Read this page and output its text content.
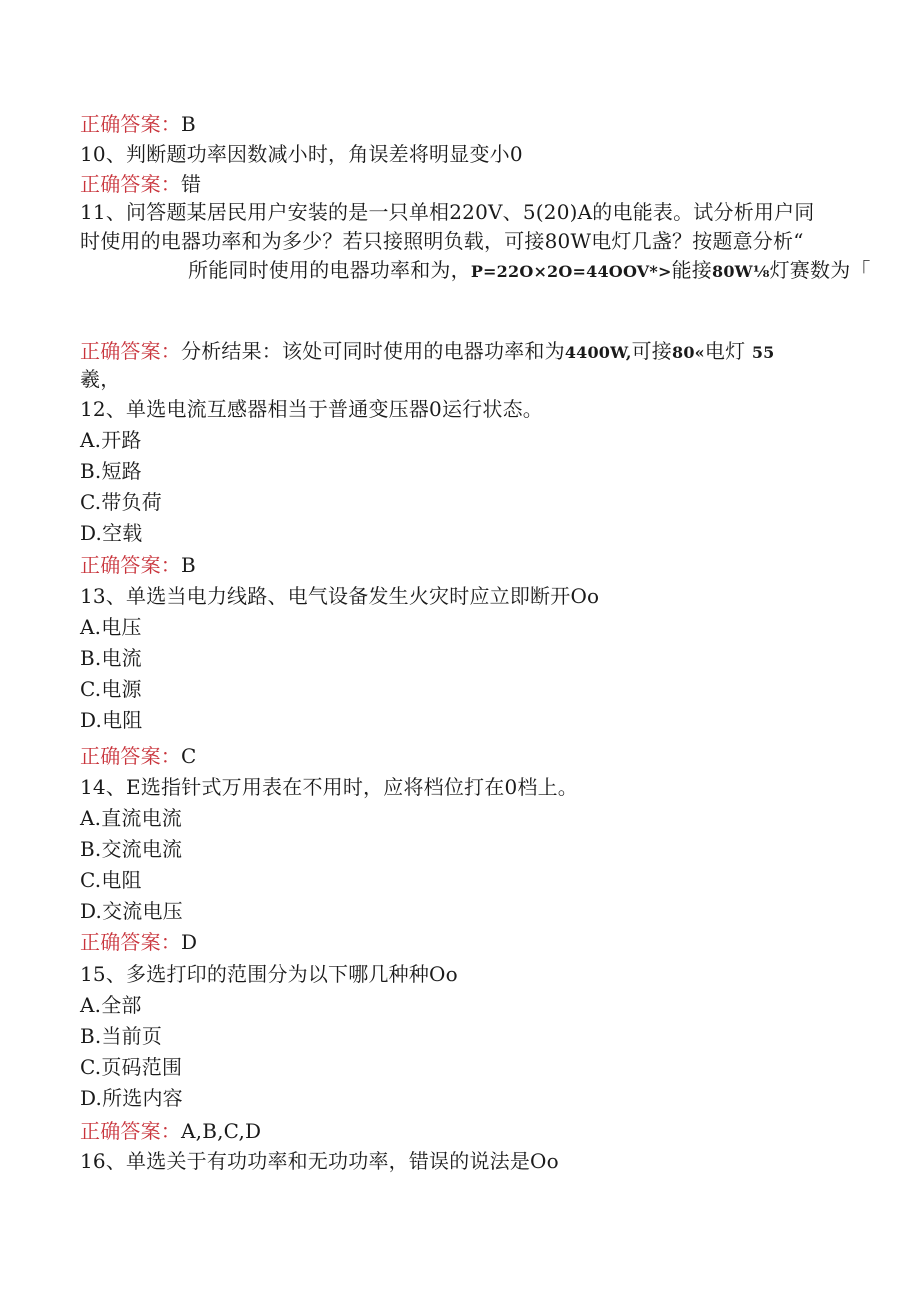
正确答案：B
10、判断题功率因数减小时，角误差将明显变小0
正确答案：错
11、问答题某居民用户安装的是一只单相220V、5(20)A的电能表。试分析用户同
时使用的电器功率和为多少？若只接照明负载，可接80W电灯几盏？按题意分析“
所能同时使用的电器功率和为，P=22O×2O=44OOV*>能接80W⅛灯赛数为「
正确答案：分析结果：该处可同时使用的电器功率和为4400W,可接80«电灯 55
羲，
12、单选电流互感器相当于普通变压器0运行状态。
A.开路
B.短路
C.带负荷
D.空载
正确答案：B
13、单选当电力线路、电气设备发生火灾时应立即断开Oo
A.电压
B.电流
C.电源
D.电阻
正确答案：C
14、E选指针式万用表在不用时，应将档位打在0档上。
A.直流电流
B.交流电流
C.电阻
D.交流电压
正确答案：D
15、多选打印的范围分为以下哪几种种Oo
A.全部
B.当前页
C.页码范围
D.所选内容
正确答案：A,B,C,D
16、单选关于有功功率和无功功率，错误的说法是Oo
